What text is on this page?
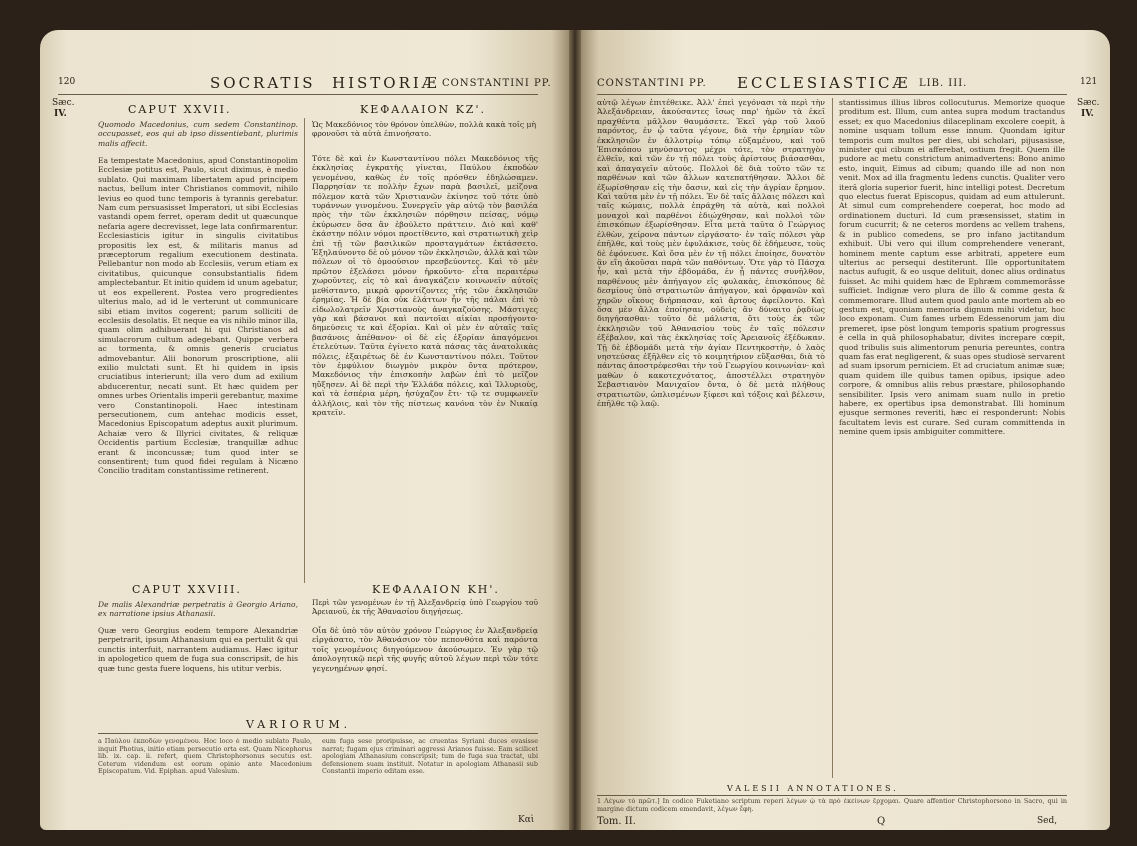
120	SOCRATIS HISTORIÆ CONSTANTINI PP.
Sæc.
IV.	CAPUT XXVII.	ΚΕΦΑΛΑΙΟΝ ΚΖ'.
Quomodo Macedonius, cum sedem Constantinop. occupasset, eos qui ab ipso dissentiebant, plurimis malis affecit.
Ὡς Μακεδόνιος τὸν θρόνον ὑπελθὼν, πολλὰ κακὰ τοῖς μὴ φρονοῦσι τὰ αὐτὰ ἐπινοήσατο.
Ea tempestate Macedonius, apud Constantinopolim Ecclesiæ potitus est, Paulo, sicut diximus, è medio sublato. Qui maximam libertatem apud principem nactus, bellum inter Christianos commovit, nihilo levius eo quod tunc temporis à tyrannis gerebatur. Nam cum persuasisset Imperatori, ut sibi Ecclesias vastandi opem ferret, operam dedit ut quæcunque nefaria agere decrevisset, lege lata confirmarentur. Ecclesiasticis igitur in singulis civitatibus propositis lex est, & militaris manus ad præceptorum regalium executionem destinata. Pellebantur non modo ab Ecclesiis, verum etiam ex civitatibus, quicunque consubstantialis fidem amplectebantur. Et initio quidem id unum agebatur, ut eos expellerent. Postea vero progredientes ulterius malo, ad id le verterunt ut communicare sibi etiam invitos cogerent; parum solliciti de ecclesiis desolatis. Et neque ea vis nihilo minor illa, quam olim adhibuerant hi qui Christianos ad simulacrorum cultum adegebant. Quippe verbera ac tormenta, & omnis generis cruciatus admovebantur. Alii bonorum proscriptione, alii exilio mulctati sunt. Et hi quidem in ipsis cruciatibus interierunt; illa vero dum ad exilium abducerentur, necati sunt. Et hæc quidem per omnes urbes Orientalis imperii gerebantur, maxime vero Constantinopoli. Haec intestinam persecutionem, cum antehac modicis esset, Macedonius Episcopatum adeptus auxit plurimum. Achaiæ vero & Illyrici civitates, & reliquæ Occidentis partium Ecclesiæ, tranquillæ adhuc erant & inconcussæ; tum quod inter se consentirent; tum quod fidei regulam à Nicæno Concilio traditam constantissime retinerent.
Τότε δὲ καὶ ἐν Κωνσταντίνου πόλει Μακεδόνιος τῆς ἐκκλησίας ἐγκρατὴς γίνεται, Παύλου ἐκποδὼν γενομένου, καθὼς ἐν τοῖς πρόσθεν ἐδηλώσαμεν. Παρρησίαν τε πολλὴν ἔχων παρὰ βασιλεῖ, μείζονα πόλεμον κατὰ τῶν Χριστιανῶν ἐκίνησε τοῦ τότε ὑπὸ τυράννων γινομένου. Συνεργεῖν γὰρ αὐτῷ τὸν βασιλέα πρὸς τὴν τῶν ἐκκλησιῶν πόρθησιν πείσας, νόμῳ ἐκύρωσεν ὅσα ἂν ἐβούλετο πράττειν. Διὸ καὶ καθ' ἑκάστην πόλιν νόμοι προετίθεντο, καὶ στρατιωτικὴ χεὶρ ἐπὶ τῇ τῶν βασιλικῶν προσταγμάτων ἐκτάσσετο. Ἐξηλαύνοντο δὲ οὐ μόνον τῶν ἐκκλησιῶν, ἀλλὰ καὶ τῶν πόλεων οἱ τὸ ὁμοούσιον πρεσβεύοντες. Καὶ τὸ μὲν πρῶτον ἐξελάσει μόνον ἠρκοῦντο· εἶτα περαιτέρω χωροῦντες, εἰς τὸ καὶ ἀναγκάζειν κοινωνεῖν αὐτοῖς μεθίσταντο, μικρὰ φροντίζοντες τῆς τῶν ἐκκλησιῶν ἐρημίας. Ἡ δὲ βία οὐκ ἐλάττων ἦν τῆς πάλαι ἐπὶ τὸ εἰδωλολατρεῖν Χριστιανοὺς ἀναγκαζούσης. Μάστιγες γὰρ καὶ βάσανοι καὶ παντοῖαι αἰκίαι προσήγοντο· δημεύσεις τε καὶ ἐξορίαι. Καὶ οἱ μὲν ἐν αὐταῖς ταῖς βασάνοις ἀπέθανον· οἱ δὲ εἰς ἐξορίαν ἀπαγόμενοι ἐτελεύτων. Ταῦτα ἐγίνετο κατὰ πάσας τὰς ἀνατολικὰς πόλεις, ἐξαιρέτως δὲ ἐν Κωνσταντίνου πόλει. Τοῦτον τὸν ἐμφύλιον διωγμὸν μικρὸν ὄντα πρότερον, Μακεδόνιος τὴν ἐπισκοπὴν λαβὼν ἐπὶ τὸ μεῖζον ηὔξησεν. Αἱ δὲ περὶ τὴν Ἑλλάδα πόλεις, καὶ Ἰλλυριοὺς, καὶ τὰ ἑσπέρια μέρη, ἡσύχαζον ἔτι· τῷ τε συμφωνεῖν ἀλλήλοις, καὶ τὸν τῆς πίστεως κανόνα τὸν ἐν Νικαίᾳ κρατεῖν.
CAPUT XXVIII.	ΚΕΦΑΛΑΙΟΝ ΚΗ'.
De malis Alexandriæ perpetratis à Georgio Ariano, ex narratione ipsius Athanasii.
Περὶ τῶν γενομένων ἐν τῇ Ἀλεξανδρείᾳ ὑπὸ Γεωργίου τοῦ Ἀρειανοῦ, ἐκ τῆς Ἀθανασίου διηγήσεως.
Quæ vero Georgius eodem tempore Alexandriæ perpetrarit, ipsum Athanasium qui ea pertulit & qui cunctis interfuit, narrantem audiamus. Hæc igitur in apologetico quem de fuga sua conscripsit, de his quæ tunc gesta fuere loquens, his utitur verbis.
Οἷα δὲ ὑπὸ τὸν αὐτὸν χρόνον Γεώργιος ἐν Ἀλεξανδρείᾳ εἰργάσατο, τὸν Ἀθανάσιον τὸν πεπονθότα καὶ παρόντα τοῖς γενομένοις διηγούμενον ἀκούσωμεν. Ἐν γὰρ τῷ ἀπολογητικῷ περὶ τῆς φυγῆς αὐτοῦ λέγων περὶ τῶν τότε γεγενημένων φησί.
VARIORUM.
a Παύλου ἐκποδὼν γενομένου. Hoc loco è medio sublato Paulo, inquit Photius, initio etiam persecutio orta est. Quam Nicephorus lib. ix. cap. ii. refert, quem Christophorsonus secutus est. Ceterum videndum est eorum opinio ante Macedonium Episcopatum. Vid. Epiphan. apud Valesium.
eum fuga sese proripuisse, ac cruentas Syriani duces evasisse narrat; fugam ejus criminari aggressi Arianos fuisse. Eam scilicet apologiam Athanasium conscripsit; tum de fuga sua tractat, ubi defensionem suam instituit. Notatur in apologiam Athanasii sub Constantii imperio editam esse.
Καὶ
CONSTANTINI PP. ECCLESIASTICÆ LIB. III.	121
Sæc.
IV.
αὐτῷ λέγων ἐπιτέθεικε. Ἀλλ' ἐπεὶ γεγόνασι τὰ περὶ τὴν Ἀλεξάνδρειαν, ἀκούσαντες ἴσως παρ' ἡμῶν τὰ ἐκεῖ πραχθέντα μᾶλλον θαυμάσετε. Ἐκεῖ γὰρ τοῦ λαοῦ παρόντος, ἐν ᾧ ταῦτα γέγονε, διὰ τὴν ἐρημίαν τῶν ἐκκλησιῶν ἐν ἀλλοτρίῳ τόπῳ εὐξαμένου, καὶ τοῦ Ἐπισκόπου μηνύσαντος μέχρι τότε, τὸν στρατηγὸν ἐλθεῖν, καὶ τῶν ἐν τῇ πόλει τοὺς ἀρίστους βιάσασθαι, καὶ ἀπαγαγεῖν αὐτούς. Πολλοὶ δὲ διὰ τοῦτο τῶν τε παρθένων καὶ τῶν ἄλλων κατεπατήθησαν. Ἄλλοι δὲ ἐξωρίσθησαν εἰς τὴν ὄασιν, καὶ εἰς τὴν ἀγρίαν ἔρημον. Καὶ ταῦτα μὲν ἐν τῇ πόλει. Ἐν δὲ ταῖς ἄλλαις πόλεσι καὶ ταῖς κώμαις, πολλὰ ἐπράχθη τὰ αὐτὰ, καὶ πολλοὶ μοναχοὶ καὶ παρθένοι ἐδιώχθησαν, καὶ πολλοὶ τῶν ἐπισκόπων ἐξωρίσθησαν. Εἶτα μετὰ ταῦτα ὁ Γεώργιος ἐλθὼν, χείρονα πάντων εἰργάσατο· ἐν ταῖς πόλεσι γὰρ ἐπῆλθε, καὶ τοὺς μὲν ἐφυλάκισε, τοὺς δὲ ἐδήμευσε, τοὺς δὲ ἐφόνευσε. Καὶ ὅσα μὲν ἐν τῇ πόλει ἐποίησε, δυνατὸν ἂν εἴη ἀκοῦσαι παρὰ τῶν παθόντων. Ὅτε γὰρ τὸ Πάσχα ἦν, καὶ μετὰ τὴν ἑβδομάδα, ἐν ᾗ πάντες συνῆλθον, παρθένους μὲν ἀπήγαγον εἰς φυλακὰς, ἐπισκόπους δὲ δεσμίους ὑπὸ στρατιωτῶν ἀπήγαγον, καὶ ὀρφανῶν καὶ χηρῶν οἴκους διήρπασαν, καὶ ἄρτους ἀφείλοντο. Καὶ ὅσα μὲν ἄλλα ἐποίησαν, οὐδεὶς ἂν δύναιτο ῥᾳδίως διηγήσασθαι· τοῦτο δὲ μάλιστα, ὅτι τοὺς ἐκ τῶν ἐκκλησιῶν τοῦ Ἀθανασίου τοὺς ἐν ταῖς πόλεσιν ἐξέβαλον, καὶ τὰς ἐκκλησίας τοῖς Ἀρειανοῖς ἐξέδωκαν. Τῇ δὲ ἑβδομάδι μετὰ τὴν ἁγίαν Πεντηκοστὴν, ὁ λαὸς νηστεύσας ἐξῆλθεν εἰς τὸ κοιμητήριον εὔξασθαι, διὰ τὸ πάντας ἀποστρέφεσθαι τὴν τοῦ Γεωργίου κοινωνίαν· καὶ μαθὼν ὁ κακοτεχνότατος, ἀποστέλλει στρατηγὸν Σεβαστιανὸν Μανιχαῖον ὄντα, ὁ δὲ μετὰ πλήθους στρατιωτῶν, ὡπλισμένων ξίφεσι καὶ τόξοις καὶ βέλεσιν, ἐπῆλθε τῷ λαῷ.
stantissimus illius libros collocuturus. Memorize quoque proditum est. Illum, cum antea supra modum tractandus esset; ex quo Macedonius dilaceplinam excolere coepit, à nomine usquam tollum esse innum. Quondam igitur temporis cum multos per dies, ubi scholari, pijusasisse, minister qui cibum ei afferebat, ostium fregit. Quem ille pudore ac metu constrictum animadvertens: Bono animo esto, inquit, Eimus ad cibum; quando ille ad non non venit. Mox ad illa fragmentu ledens cunctis. Qualiter vero iterâ gloria superior fuerit, hinc intelligi potest. Decretum quo electus fuerat Episcopus, quidam ad eum attulerunt. At simul cum comprehendere coeperat, hoc modo ad ordinationem ducturi. Id cum præsensisset, statim in forum cucurrit; & ne ceteros mordens ac vellem trahens, & in publico comedens, se pro infano jactitandum exhibuit. Ubi vero qui illum comprehendere venerant, hominem mente captum esse arbitrati, appetere eum ulterius ac persequi destiterunt. Ille opportunitatem nactus aufugit, & eo usque delituit, donec alius ordinatus fuisset. Ac mihi quidem hæc de Ephræm commemorâsse sufficiet. Indignæ vero plura de illo & comme gesta & commemorare. Illud autem quod paulo ante mortem ab eo gestum est, quoniam memoria dignum mihi videtur, hoc loco exponam. Cum fames urbem Edessenorum jam diu premeret, ipse pòst longum temporis spatium progressus è cella in quâ philosophabatur, divites increpare cœpit, quod tribulis suis alimentorum penuria pereuntes, contra quam fas erat negligerent, & suas opes studiosè servarent ad suam ipsorum perniciem. Et ad cruciatum animæ suæ; quam quidem ille quibus tamen opibus, ipsique adeo corpore, & omnibus aliis rebus præstare, philosophando sensibiliter. Ipsis vero animam suam nullo in pretio habere, ex opertibus ipsa demonstrabat. Illi hominum ejusque sermones reveriti, hæc ei responderunt: Nobis facultatem levis est curare. Sed curam committenda in nemine quem ipsis ambiguiter committere.
VALESII ANNOTATIONES.
1 Λέγων τὸ πρῶτ.] In codice Fuketiano scriptum reperi λέγων ᾧ τὰ πρὸ ἐκείνων ἔρχομαι. Quare affentior Christophorsono in Sacro, qui in margine dictum codicem emendavit, λέγων ἔφη.
Tom. II.	Q	Sed,
